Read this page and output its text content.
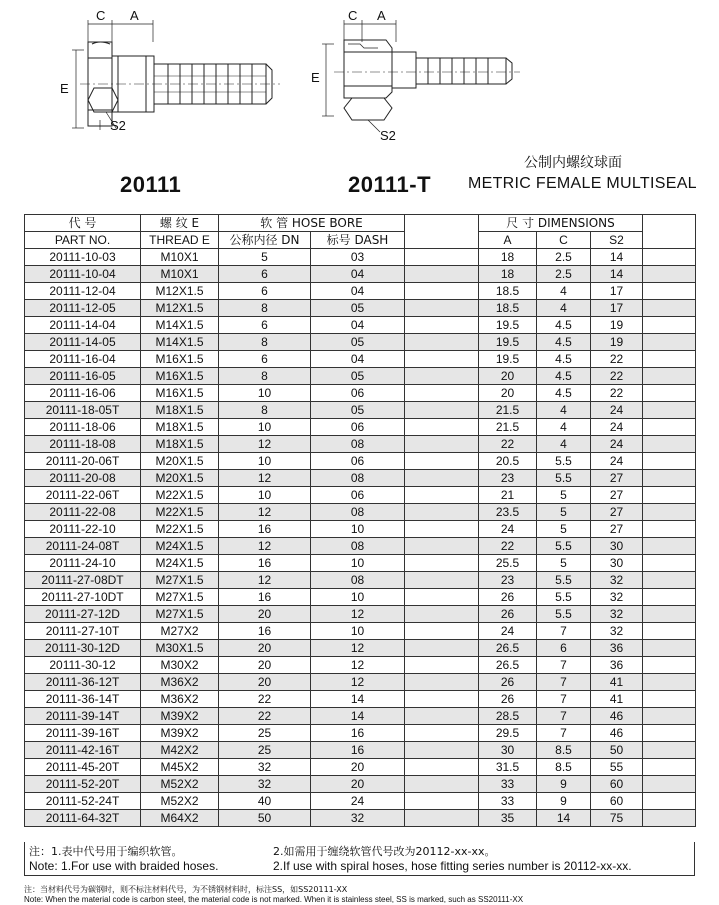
C A
E
S2
C A
E
S2
20111	20111-T
公制内螺纹球面
METRIC FEMALE MULTISEAL
代 号	螺 纹 E	软 管 HOSE BORE			尺 寸 DIMENSIONS			
PART NO.	THREAD E	公称内径 DN	标号 DASH		A	C	S2	
20111-10-03	M10X1	5	03		18	2.5	14	
20111-10-04	M10X1	6	04		18	2.5	14	
20111-12-04	M12X1.5	6	04		18.5	4	17	
20111-12-05	M12X1.5	8	05		18.5	4	17	
20111-14-04	M14X1.5	6	04		19.5	4.5	19	
20111-14-05	M14X1.5	8	05		19.5	4.5	19	
20111-16-04	M16X1.5	6	04		19.5	4.5	22	
20111-16-05	M16X1.5	8	05		20	4.5	22	
20111-16-06	M16X1.5	10	06		20	4.5	22	
20111-18-05T	M18X1.5	8	05		21.5	4	24	
20111-18-06	M18X1.5	10	06		21.5	4	24	
20111-18-08	M18X1.5	12	08		22	4	24	
20111-20-06T	M20X1.5	10	06		20.5	5.5	24	
20111-20-08	M20X1.5	12	08		23	5.5	27	
20111-22-06T	M22X1.5	10	06		21	5	27	
20111-22-08	M22X1.5	12	08		23.5	5	27	
20111-22-10	M22X1.5	16	10		24	5	27	
20111-24-08T	M24X1.5	12	08		22	5.5	30	
20111-24-10	M24X1.5	16	10		25.5	5	30	
20111-27-08DT	M27X1.5	12	08		23	5.5	32	
20111-27-10DT	M27X1.5	16	10		26	5.5	32	
20111-27-12D	M27X1.5	20	12		26	5.5	32	
20111-27-10T	M27X2	16	10		24	7	32	
20111-30-12D	M30X1.5	20	12		26.5	6	36	
20111-30-12	M30X2	20	12		26.5	7	36	
20111-36-12T	M36X2	20	12		26	7	41	
20111-36-14T	M36X2	22	14		26	7	41	
20111-39-14T	M39X2	22	14		28.5	7	46	
20111-39-16T	M39X2	25	16		29.5	7	46	
20111-42-16T	M42X2	25	16		30	8.5	50	
20111-45-20T	M45X2	32	20		31.5	8.5	55	
20111-52-20T	M52X2	32	20		33	9	60	
20111-52-24T	M52X2	40	24		33	9	60	
20111-64-32T	M64X2	50	32		35	14	75	
注：1.表中代号用于编织软管。	2.如需用于缠绕软管代号改为20112-xx-xx。
Note: 1.For use with braided hoses.	2.If use with spiral hoses, hose fitting series number is 20112-xx-xx.
注：当材料代号为碳钢时，则不标注材料代号，为不锈钢材料时，标注SS，如SS20111-XX
Note: When the material code is carbon steel, the material code is not marked. When it is stainless steel, SS is marked, such as SS20111-XX
